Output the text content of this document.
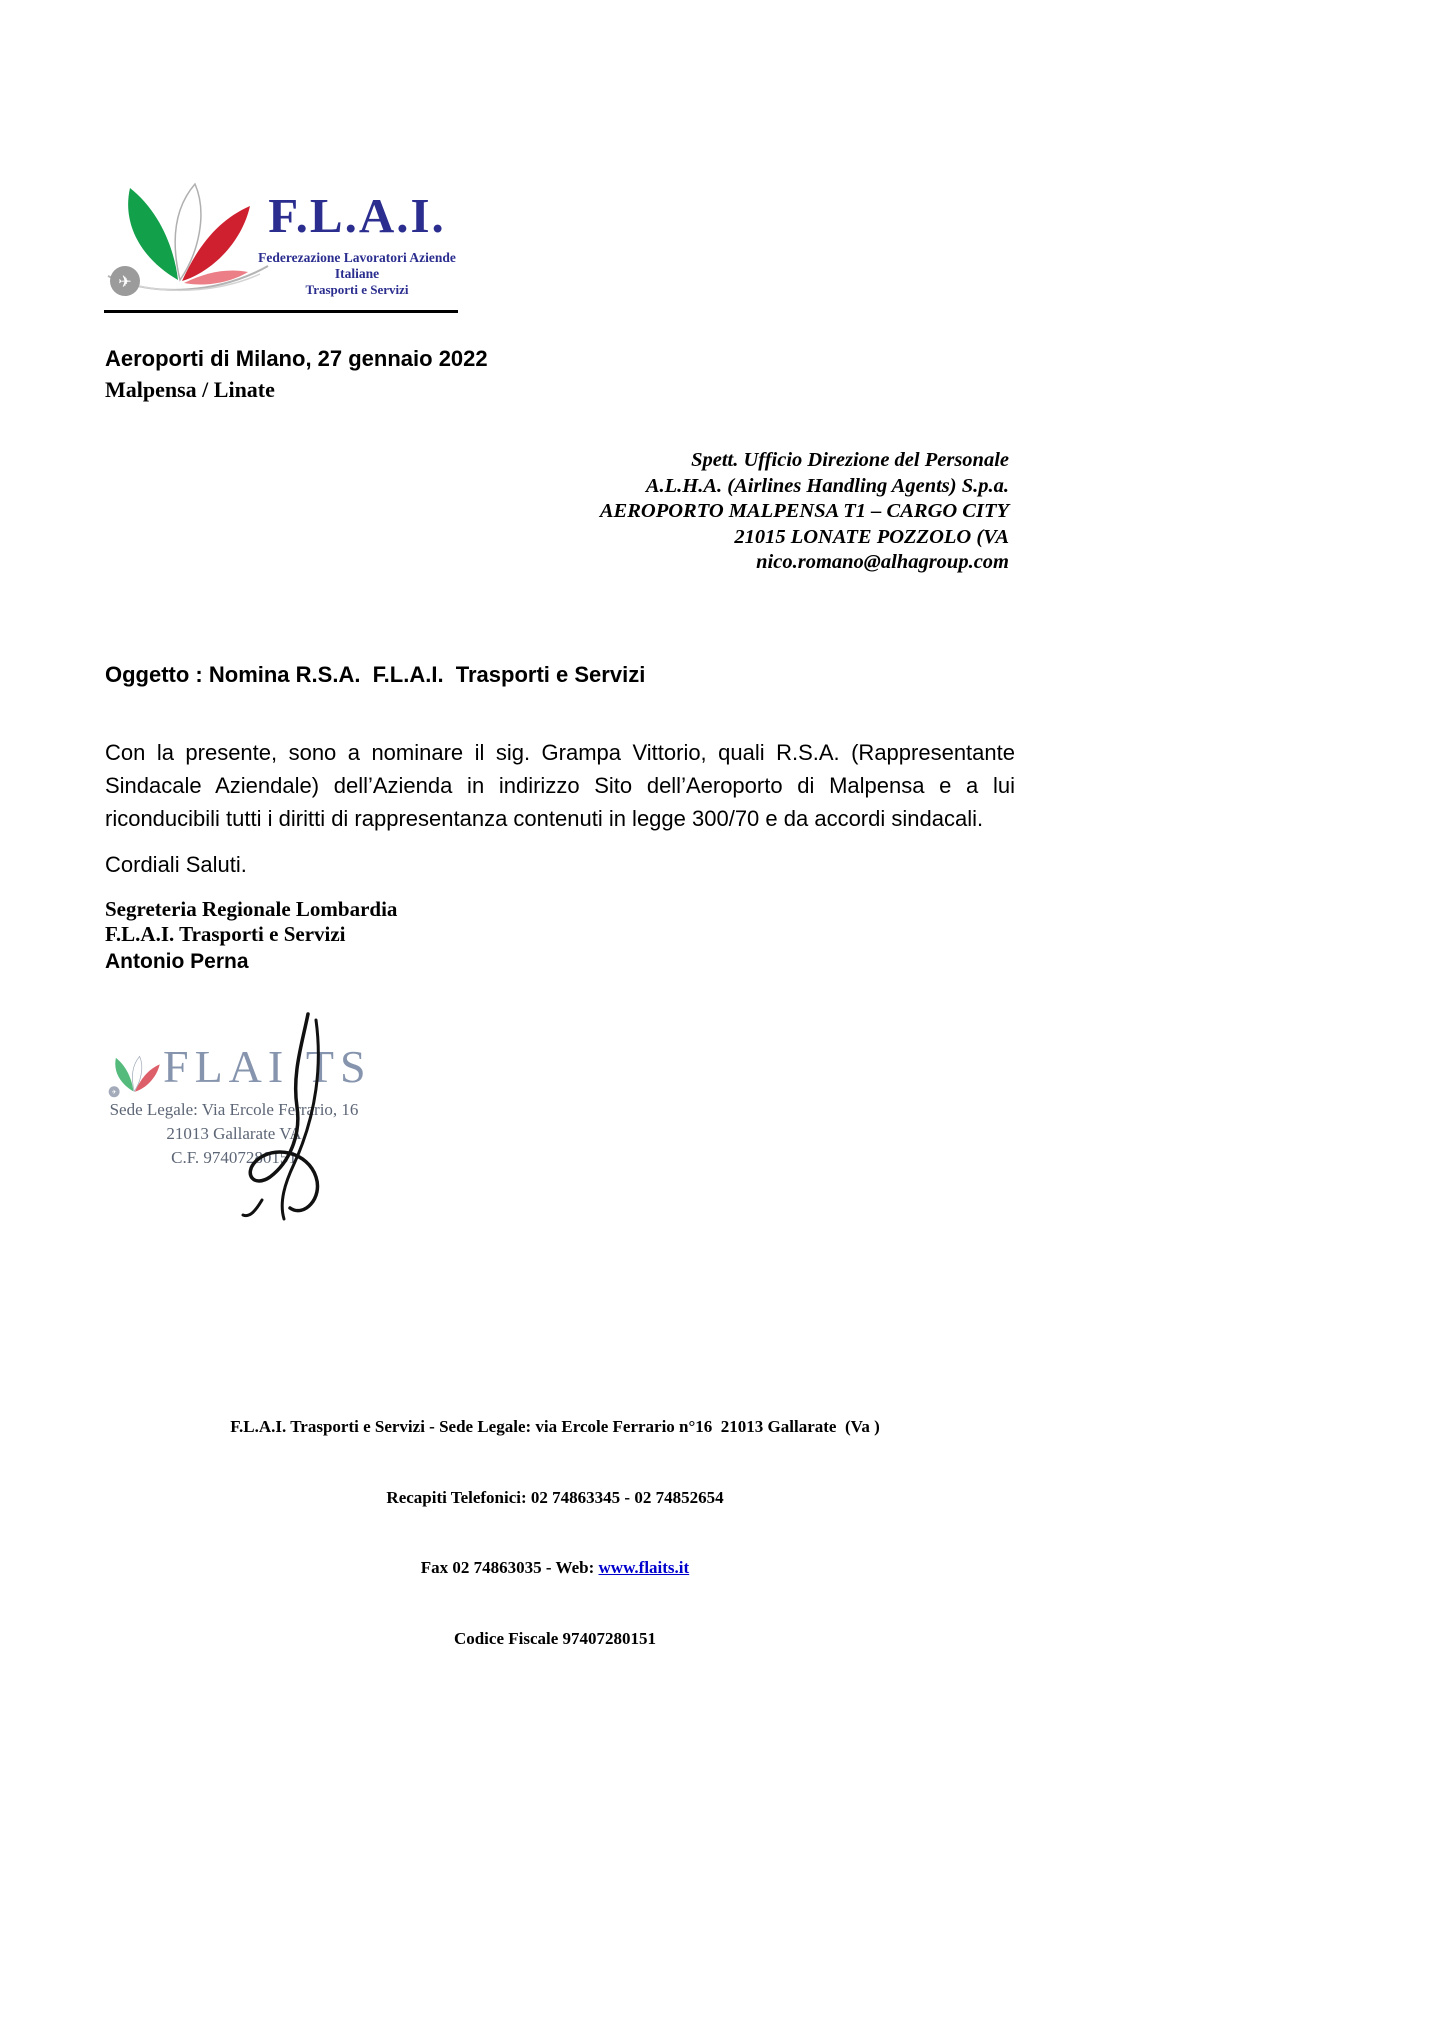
✈
F.L.A.I.
Federezazione Lavoratori Aziende Italiane
Trasporti e Servizi
Aeroporti di Milano, 27 gennaio 2022
Malpensa / Linate
Spett. Ufficio Direzione del Personale
A.L.H.A. (Airlines Handling Agents) S.p.a.
AEROPORTO MALPENSA T1 – CARGO CITY
21015 LONATE POZZOLO (VA
nico.romano@alhagroup.com
Oggetto : Nomina R.S.A.  F.L.A.I.  Trasporti e Servizi
Con la presente, sono a nominare il sig. Grampa Vittorio, quali R.S.A. (Rappresentante Sindacale Aziendale) dell’Azienda in indirizzo Sito dell’Aeroporto di Malpensa e a lui riconducibili tutti i diritti di rappresentanza contenuti in legge 300/70 e da accordi sindacali.
Cordiali Saluti.
Segreteria Regionale Lombardia
F.L.A.I. Trasporti e Servizi
Antonio Perna
✈
FLAI TS
Sede Legale: Via Ercole Ferrario, 16
21013 Gallarate VA
C.F. 97407280151

F.L.A.I. Trasporti e Servizi - Sede Legale: via Ercole Ferrario n°16  21013 Gallarate  (Va )

Recapiti Telefonici: 02 74863345 - 02 74852654

Fax 02 74863035 - Web: www.flaits.it

Codice Fiscale 97407280151
